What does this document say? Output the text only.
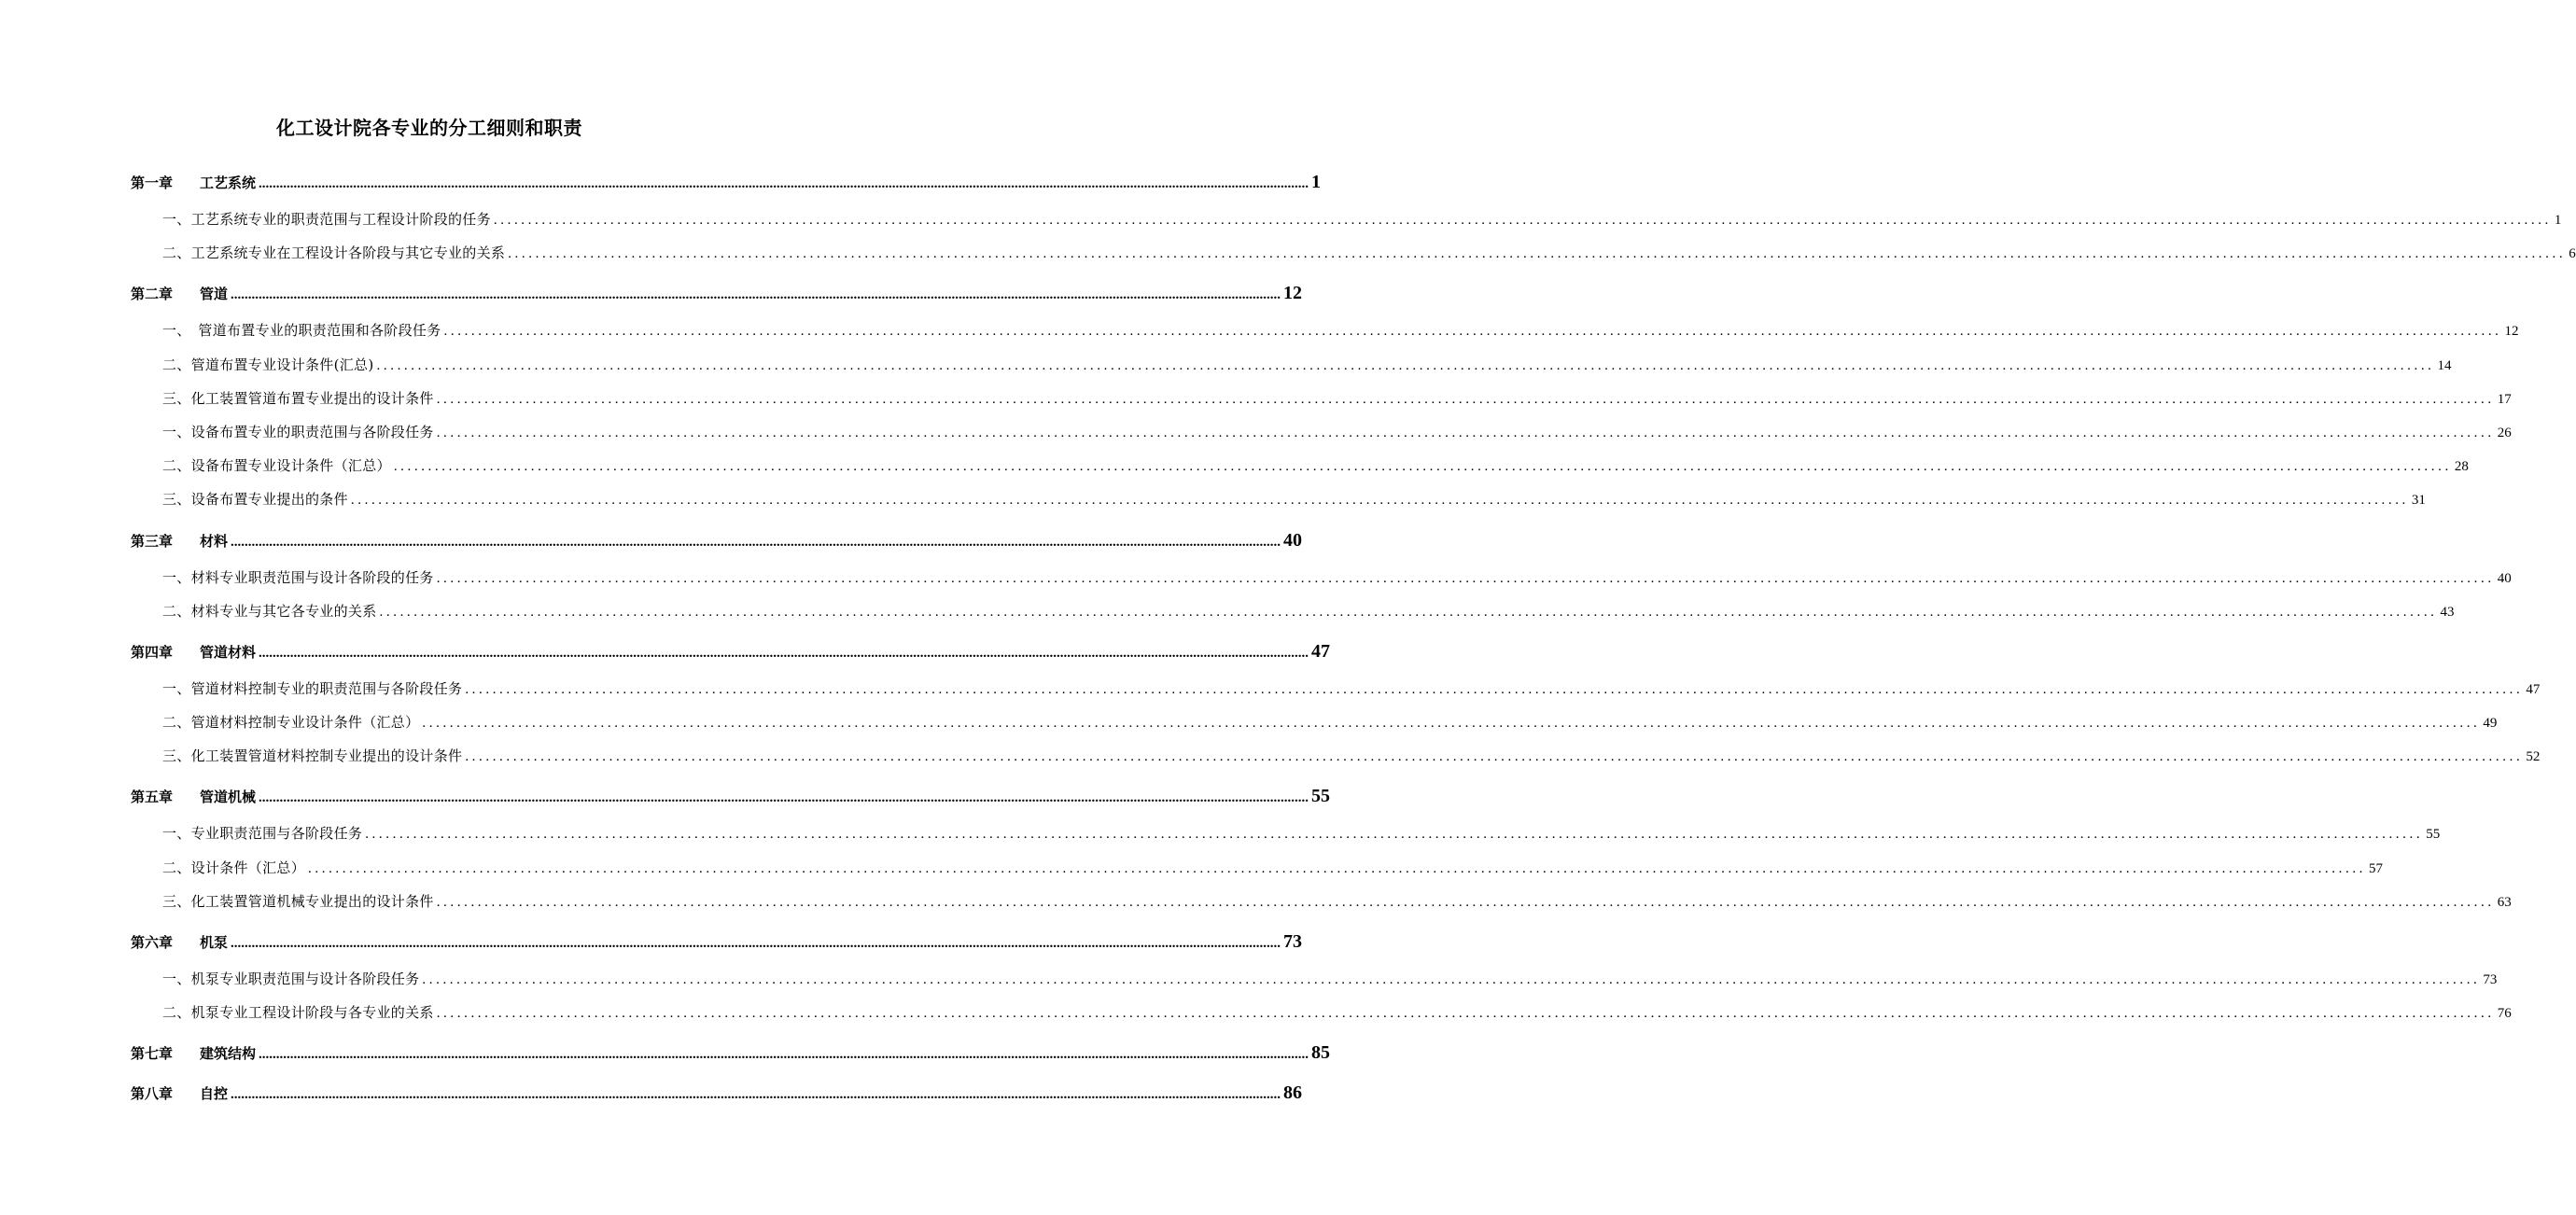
化工设计院各专业的分工细则和职责
第一章 工艺系统 ............................................................................................................................................................................................................................................................................................................ 1
一、工艺系统专业的职责范围与工程设计阶段的任务 ............................................................................................................................................................................................................................................................................................................ 1
二、工艺系统专业在工程设计各阶段与其它专业的关系 ............................................................................................................................................................................................................................................................................................................ 6
第二章 管道 ............................................................................................................................................................................................................................................................................................................ 12
一、　管道布置专业的职责范围和各阶段任务 ............................................................................................................................................................................................................................................................................................................ 12
二、管道布置专业设计条件(汇总) ............................................................................................................................................................................................................................................................................................................ 14
三、化工装置管道布置专业提出的设计条件 ............................................................................................................................................................................................................................................................................................................ 17
一、设备布置专业的职责范围与各阶段任务 ............................................................................................................................................................................................................................................................................................................ 26
二、设备布置专业设计条件（汇总） ............................................................................................................................................................................................................................................................................................................ 28
三、设备布置专业提出的条件 ............................................................................................................................................................................................................................................................................................................ 31
第三章 材料 ............................................................................................................................................................................................................................................................................................................ 40
一、材料专业职责范围与设计各阶段的任务 ............................................................................................................................................................................................................................................................................................................ 40
二、材料专业与其它各专业的关系 ............................................................................................................................................................................................................................................................................................................ 43
第四章 管道材料 ............................................................................................................................................................................................................................................................................................................ 47
一、管道材料控制专业的职责范围与各阶段任务 ............................................................................................................................................................................................................................................................................................................ 47
二、管道材料控制专业设计条件（汇总） ............................................................................................................................................................................................................................................................................................................ 49
三、化工装置管道材料控制专业提出的设计条件 ............................................................................................................................................................................................................................................................................................................ 52
第五章 管道机械 ............................................................................................................................................................................................................................................................................................................ 55
一、专业职责范围与各阶段任务 ............................................................................................................................................................................................................................................................................................................ 55
二、设计条件（汇总） ............................................................................................................................................................................................................................................................................................................ 57
三、化工装置管道机械专业提出的设计条件 ............................................................................................................................................................................................................................................................................................................ 63
第六章 机泵 ............................................................................................................................................................................................................................................................................................................ 73
一、机泵专业职责范围与设计各阶段任务 ............................................................................................................................................................................................................................................................................................................ 73
二、机泵专业工程设计阶段与各专业的关系 ............................................................................................................................................................................................................................................................................................................ 76
第七章 建筑结构 ............................................................................................................................................................................................................................................................................................................ 85
第八章 自控 ............................................................................................................................................................................................................................................................................................................ 86
